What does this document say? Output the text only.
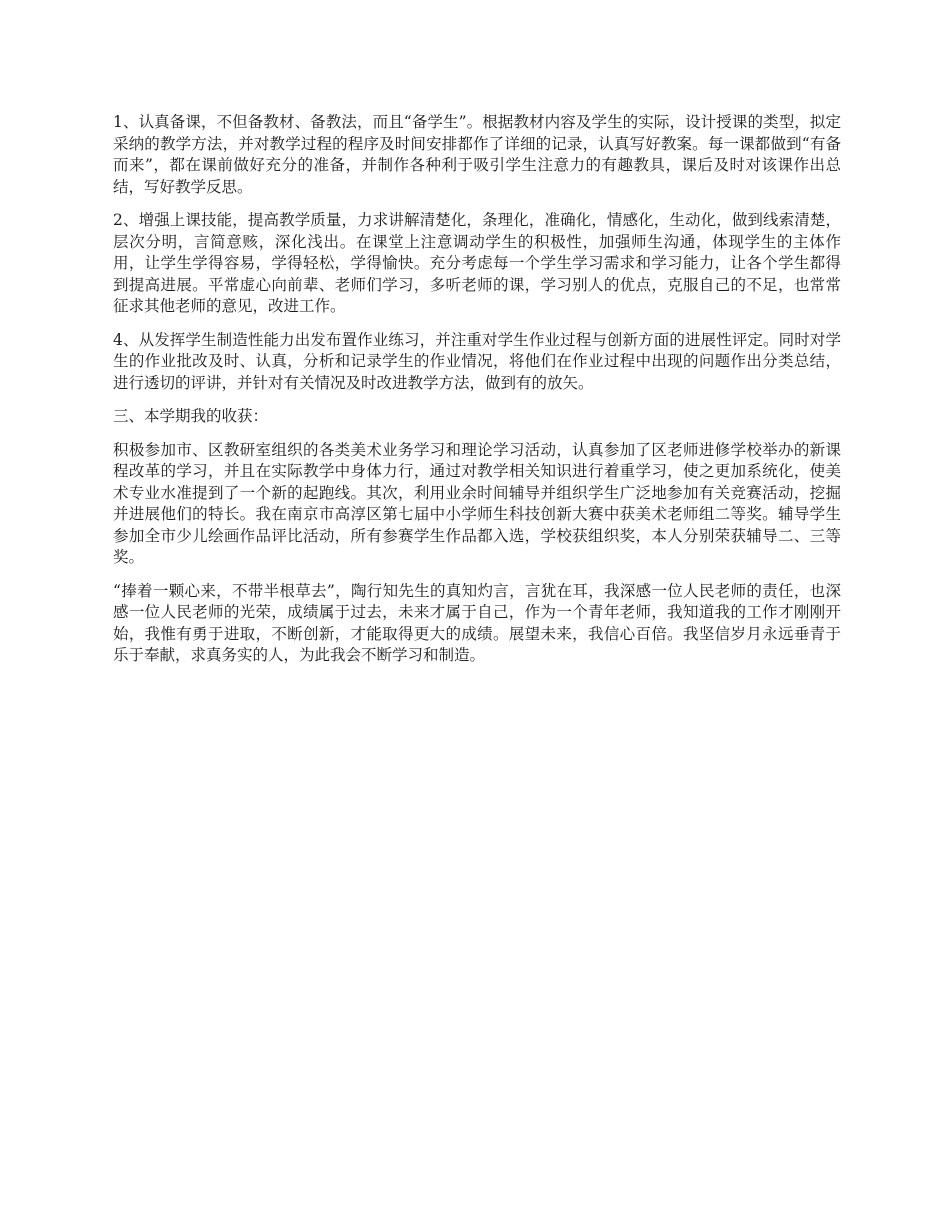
1、认真备课，不但备教材、备教法，而且“备学生”。根据教材内容及学生的实际，设计授课的类型，拟定采纳的教学方法，并对教学过程的程序及时间安排都作了详细的记录，认真写好教案。每一课都做到“有备而来”，都在课前做好充分的准备，并制作各种利于吸引学生注意力的有趣教具，课后及时对该课作出总结，写好教学反思。

2、增强上课技能，提高教学质量，力求讲解清楚化，条理化，准确化，情感化，生动化，做到线索清楚，层次分明，言简意赅，深化浅出。在课堂上注意调动学生的积极性，加强师生沟通，体现学生的主体作用，让学生学得容易，学得轻松，学得愉快。充分考虑每一个学生学习需求和学习能力，让各个学生都得到提高进展。平常虚心向前辈、老师们学习，多听老师的课，学习别人的优点，克服自己的不足，也常常征求其他老师的意见，改进工作。

4、从发挥学生制造性能力出发布置作业练习，并注重对学生作业过程与创新方面的进展性评定。同时对学生的作业批改及时、认真，分析和记录学生的作业情况，将他们在作业过程中出现的问题作出分类总结，进行透切的评讲，并针对有关情况及时改进教学方法，做到有的放矢。

三、本学期我的收获：

积极参加市、区教研室组织的各类美术业务学习和理论学习活动，认真参加了区老师进修学校举办的新课程改革的学习，并且在实际教学中身体力行，通过对教学相关知识进行着重学习，使之更加系统化，使美术专业水准提到了一个新的起跑线。其次，利用业余时间辅导并组织学生广泛地参加有关竞赛活动，挖掘并进展他们的特长。我在南京市高淳区第七届中小学师生科技创新大赛中获美术老师组二等奖。辅导学生参加全市少儿绘画作品评比活动，所有参赛学生作品都入选，学校获组织奖，本人分别荣获辅导二、三等奖。

“捧着一颗心来，不带半根草去”，陶行知先生的真知灼言，言犹在耳，我深感一位人民老师的责任，也深感一位人民老师的光荣，成绩属于过去，未来才属于自己，作为一个青年老师，我知道我的工作才刚刚开始，我惟有勇于进取，不断创新，才能取得更大的成绩。展望未来，我信心百倍。我坚信岁月永远垂青于乐于奉献，求真务实的人，为此我会不断学习和制造。
